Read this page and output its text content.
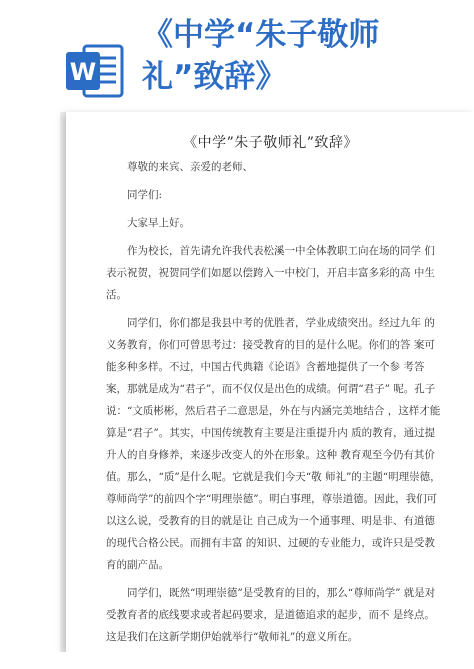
W
《中学“朱子敬师
礼”致辞》
《中学”朱子敬师礼”致辞》

尊敬的来宾、亲爱的老师、

同学们:

大家早上好。

作为校长，首先请允许我代表松溪一中全体教职工向在场的同学 们表示祝贺，祝贺同学们如愿以偿跨入一中校门，开启丰富多彩的高 中生活。

同学们，你们都是我县中考的优胜者，学业成绩突出。经过九年 的义务教育，你们可曾思考过：接受教育的目的是什么呢。你们的答 案可能多种多样。不过，中国古代典籍《论语》含蓄地提供了一个参 考答案，那就是成为“君子”，而不仅仅是出色的成绩。何谓“君子” 呢。孔子说：“文质彬彬，然后君子二意思是，外在与内涵完美地结合 ，这样才能算是“君子”。其实，中国传统教育主要是注重提升内 质的教育，通过提升人的自身修养，来逐步改变人的外在形象。这种 教育观至今仍有其价值。那么，“质”是什么呢。它就是我们今天“敬 师礼”的主题“明理崇德，尊师尚学”的前四个字“明理崇德”。明白事理，尊崇道德。因此，我们可以这么说，受教育的目的就是让 自己成为一个通事理、明是非、有道德的现代合格公民。而拥有丰富 的知识、过硬的专业能力，或许只是受教育的副产品。

同学们，既然“明理崇德”是受教育的目的，那么“尊师尚学” 就是对受教育者的底线要求或者起码要求，是道德追求的起步，而不 是终点。这是我们在这新学期伊始就举行“敬师礼”的意义所在。
